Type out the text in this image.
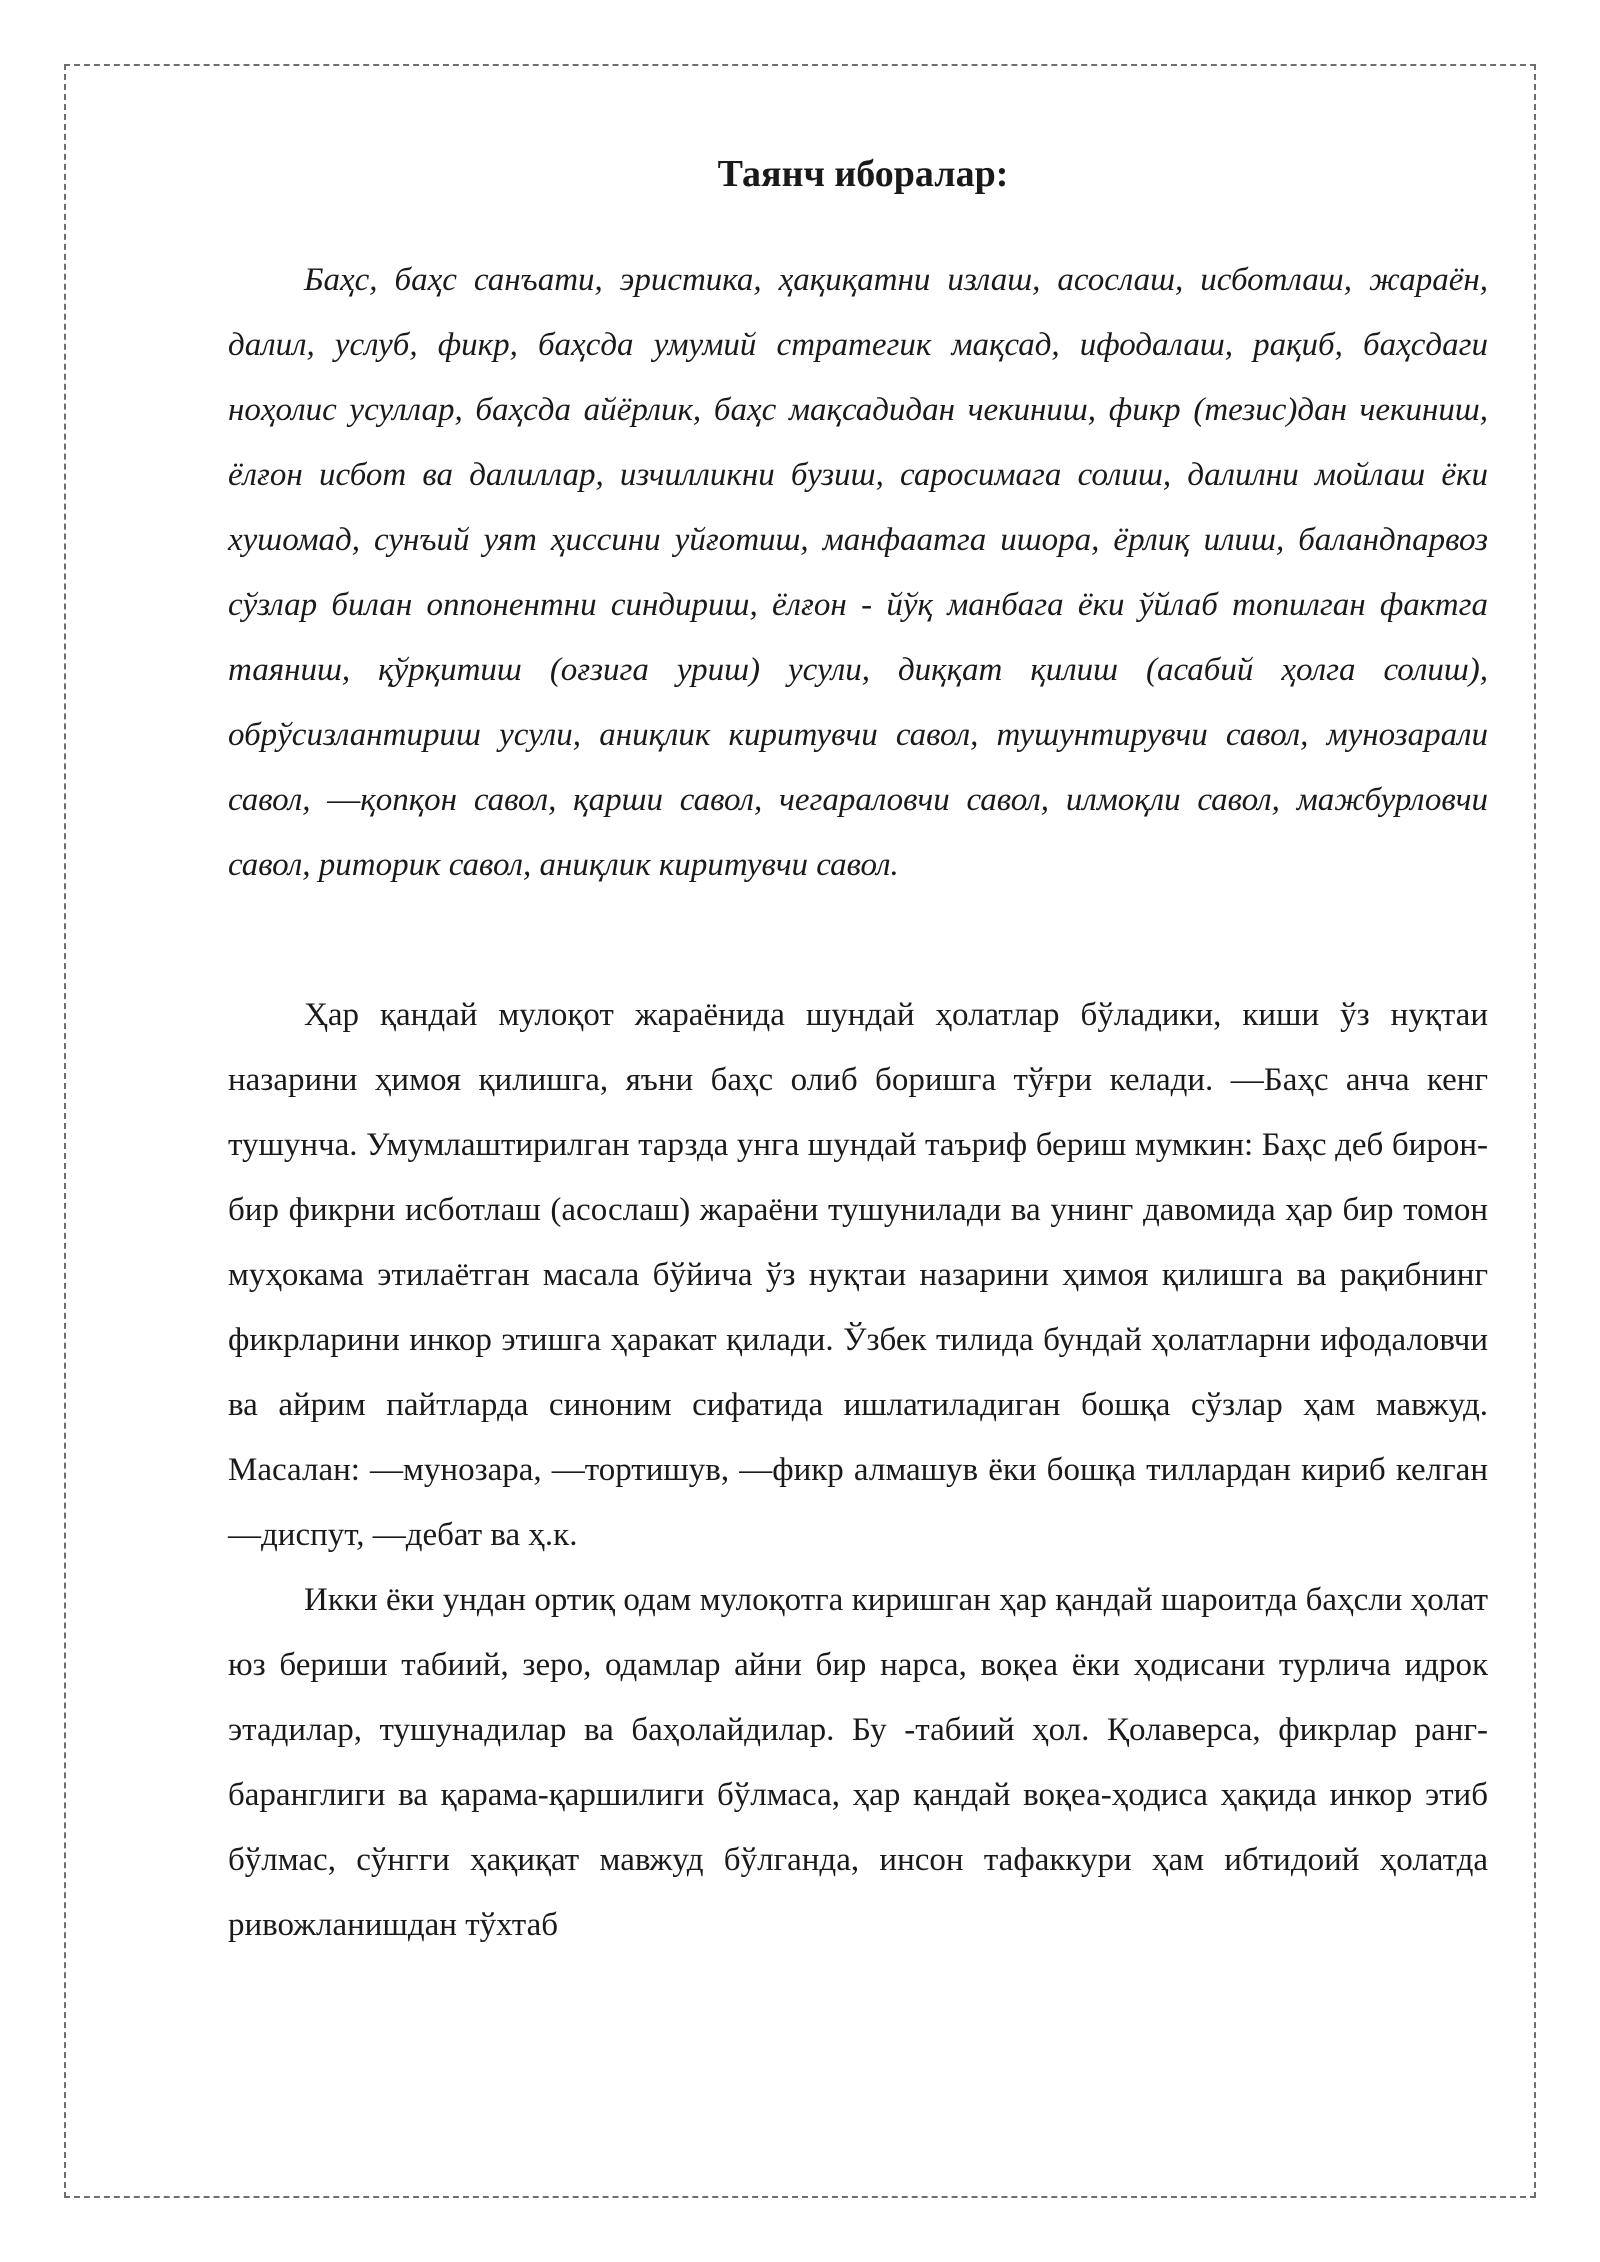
Таянч иборалар:

Баҳс, баҳс санъати, эристика, ҳақиқатни излаш, асослаш, исботлаш, жараён, далил, услуб, фикр, баҳсда умумий стратегик мақсад, ифодалаш, рақиб, баҳсдаги ноҳолис усуллар, баҳсда айёрлик, баҳс мақсадидан чекиниш, фикр (тезис)дан чекиниш, ёлғон исбот ва далиллар, изчилликни бузиш, саросимага солиш, далилни мойлаш ёки хушомад, сунъий уят ҳиссини уйғотиш, манфаатга ишора, ёрлиқ илиш, баландпарвоз сўзлар билан оппонентни синдириш, ёлғон - йўқ манбага ёки ўйлаб топилган фактга таяниш, қўрқитиш (оғзига уриш) усули, диққат қилиш (асабий ҳолга солиш), обрўсизлантириш усули, аниқлик киритувчи савол, тушунтирувчи савол, мунозарали савол, ―қопқон савол, қарши савол, чегараловчи савол, илмоқли савол, мажбурловчи савол, риторик савол, аниқлик киритувчи савол.

Ҳар қандай мулоқот жараёнида шундай ҳолатлар бўладики, киши ўз нуқтаи назарини ҳимоя қилишга, яъни баҳс олиб боришга тўғри келади. ―Баҳс анча кенг тушунча. Умумлаштирилган тарзда унга шундай таъриф бериш мумкин: Баҳс деб бирон-бир фикрни исботлаш (асослаш) жараёни тушунилади ва унинг давомида ҳар бир томон муҳокама этилаётган масала бўйича ўз нуқтаи назарини ҳимоя қилишга ва рақибнинг фикрларини инкор этишга ҳаракат қилади. Ўзбек тилида бундай ҳолатларни ифодаловчи ва айрим пайтларда синоним сифатида ишлатиладиган бошқа сўзлар ҳам мавжуд. Масалан: ―мунозара, ―тортишув, ―фикр алмашув ёки бошқа тиллардан кириб келган ―диспут, ―дебат ва ҳ.к.

Икки ёки ундан ортиқ одам мулоқотга киришган ҳар қандай шароитда баҳсли ҳолат юз бериши табиий, зеро, одамлар айни бир нарса, воқеа ёки ҳодисани турлича идрок этадилар, тушунадилар ва баҳолайдилар. Бу -табиий ҳол. Қолаверса, фикрлар ранг-баранглиги ва қарама-қаршилиги бўлмаса, ҳар қандай воқеа-ҳодиса ҳақида инкор этиб бўлмас, сўнгги ҳақиқат мавжуд бўлганда, инсон тафаккури ҳам ибтидоий ҳолатда ривожланишдан тўхтаб
